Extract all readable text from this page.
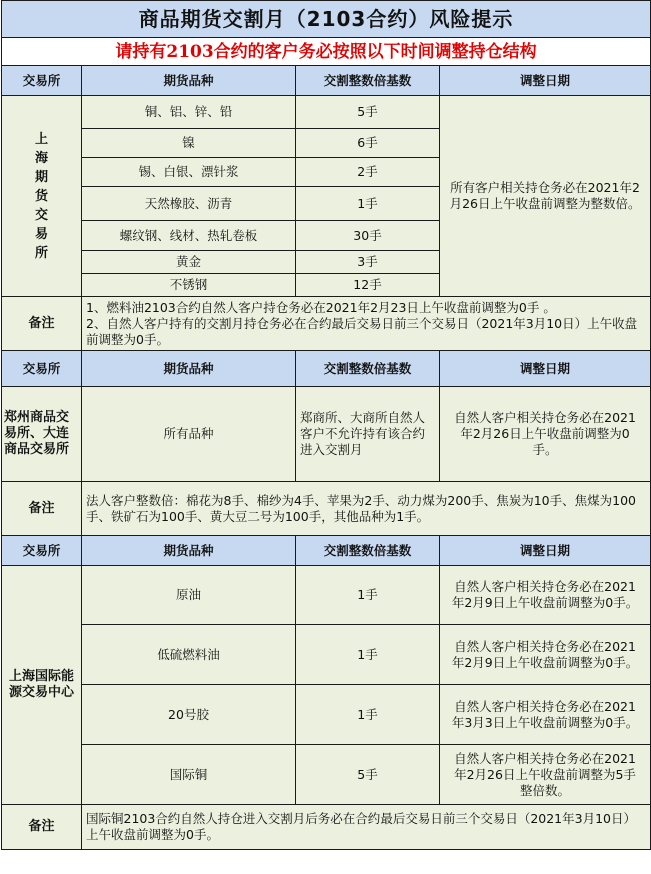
商品期货交割月（2103合约）风险提示			
请持有2103合约的客户务必按照以下时间调整持仓结构			
交易所	期货品种	交割整数倍基数	调整日期

上海期货交易所	铜、铝、锌、铅	5手	所有客户相关持仓务必在2021年2月26日上午收盘前调整为整数倍。
	镍	6手	
	锡、白银、漂针浆	2手	
	天然橡胶、沥青	1手	
	螺纹钢、线材、热轧卷板	30手	
	黄金	3手	
	不锈钢	12手	
备注	1、燃料油2103合约自然人客户持仓务必在2021年2月23日上午收盘前调整为0手 。
2、自然人客户持有的交割月持仓务必在合约最后交易日前三个交易日（2021年3月10日）上午收盘前调整为0手。		

交易所	期货品种	交割整数倍基数	调整日期
郑州商品交易所、大连商品交易所	所有品种	郑商所、大商所自然人客户不允许持有该合约进入交割月	自然人客户相关持仓务必在2021年2月26日上午收盘前调整为0手。
备注	法人客户整数倍：棉花为8手、棉纱为4手、苹果为2手、动力煤为200手、焦炭为10手、焦煤为100手、铁矿石为100手、黄大豆二号为100手，其他品种为1手。		
交易所	期货品种	交割整数倍基数	调整日期
上海国际能源交易中心	原油	1手	自然人客户相关持仓务必在2021年2月9日上午收盘前调整为0手。
	低硫燃料油	1手	自然人客户相关持仓务必在2021年2月9日上午收盘前调整为0手。
	20号胶	1手	自然人客户相关持仓务必在2021年3月3日上午收盘前调整为0手。
	国际铜	5手	自然人客户相关持仓务必在2021年2月26日上午收盘前调整为5手整倍数。
备注	国际铜2103合约自然人持仓进入交割月后务必在合约最后交易日前三个交易日（2021年3月10日）上午收盘前调整为0手。		
